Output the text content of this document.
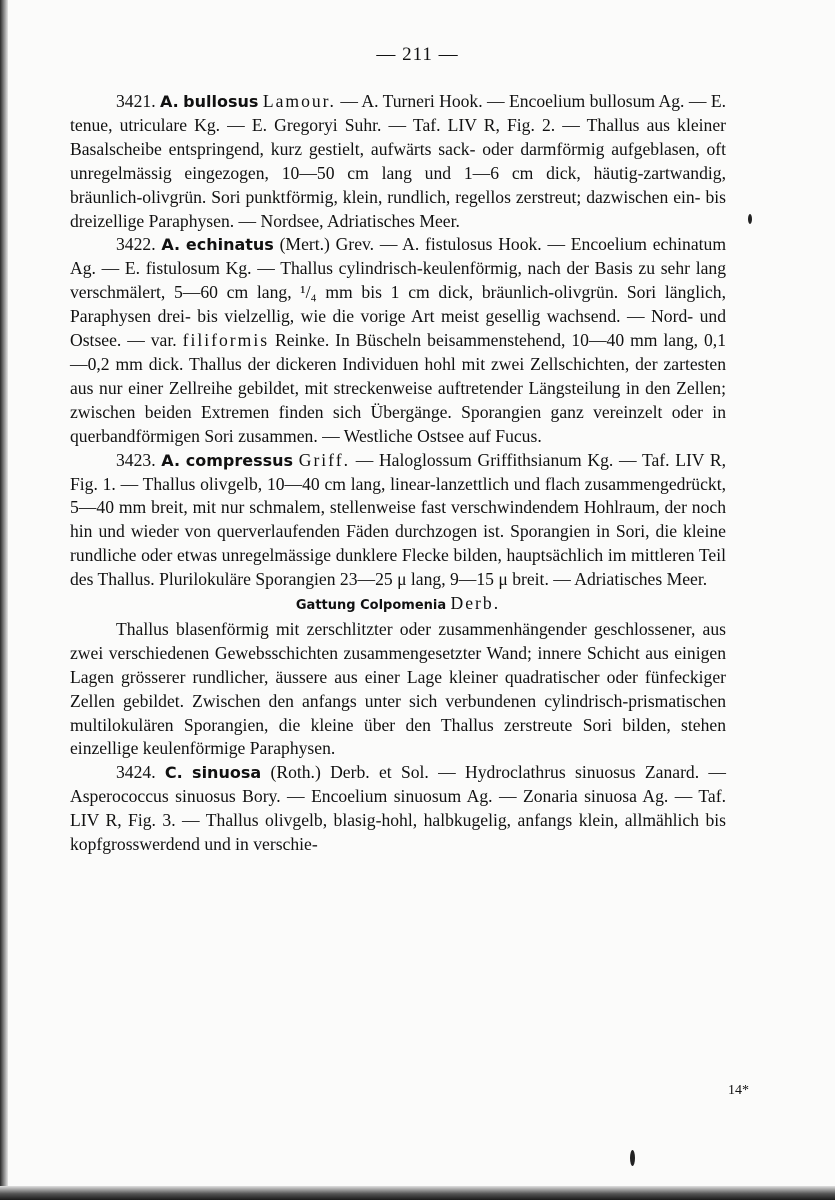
— 211 —

3421. A. bullosus Lamour. — A. Turneri Hook. — Encoelium bullosum Ag. — E. tenue, utriculare Kg. — E. Gregoryi Suhr. — Taf. LIV R, Fig. 2. — Thallus aus kleiner Basalscheibe entspringend, kurz gestielt, aufwärts sack- oder darmförmig aufgeblasen, oft unregelmässig eingezogen, 10—50 cm lang und 1—6 cm dick, häutig-zartwandig, bräunlich-olivgrün. Sori punktförmig, klein, rundlich, regellos zerstreut; dazwischen ein- bis dreizellige Paraphysen. — Nordsee, Adriatisches Meer.

3422. A. echinatus (Mert.) Grev. — A. fistulosus Hook. — Encoelium echinatum Ag. — E. fistulosum Kg. — Thallus cylindrisch-keulenförmig, nach der Basis zu sehr lang verschmälert, 5—60 cm lang, ¹/₄ mm bis 1 cm dick, bräunlich-olivgrün. Sori länglich, Paraphysen drei- bis vielzellig, wie die vorige Art meist gesellig wachsend. — Nord- und Ostsee. — var. filiformis Reinke. In Büscheln beisammenstehend, 10—40 mm lang, 0,1—0,2 mm dick. Thallus der dickeren Individuen hohl mit zwei Zellschichten, der zartesten aus nur einer Zellreihe gebildet, mit streckenweise auftretender Längsteilung in den Zellen; zwischen beiden Extremen finden sich Übergänge. Sporangien ganz vereinzelt oder in querbandförmigen Sori zusammen. — Westliche Ostsee auf Fucus.

3423. A. compressus Griff. — Haloglossum Griffithsianum Kg. — Taf. LIV R, Fig. 1. — Thallus olivgelb, 10—40 cm lang, linear-lanzettlich und flach zusammengedrückt, 5—40 mm breit, mit nur schmalem, stellenweise fast verschwindendem Hohlraum, der noch hin und wieder von querverlaufenden Fäden durchzogen ist. Sporangien in Sori, die kleine rundliche oder etwas unregelmässige dunklere Flecke bilden, hauptsächlich im mittleren Teil des Thallus. Plurilokuläre Sporangien 23—25 μ lang, 9—15 μ breit. — Adriatisches Meer.

Gattung Colpomenia Derb.

Thallus blasenförmig mit zerschlitzter oder zusammenhängender geschlossener, aus zwei verschiedenen Gewebsschichten zusammengesetzter Wand; innere Schicht aus einigen Lagen grösserer rundlicher, äussere aus einer Lage kleiner quadratischer oder fünfeckiger Zellen gebildet. Zwischen den anfangs unter sich verbundenen cylindrisch-prismatischen multilokulären Sporangien, die kleine über den Thallus zerstreute Sori bilden, stehen einzellige keulenförmige Paraphysen.

3424. C. sinuosa (Roth.) Derb. et Sol. — Hydroclathrus sinuosus Zanard. — Asperococcus sinuosus Bory. — Encoelium sinuosum Ag. — Zonaria sinuosa Ag. — Taf. LIV R, Fig. 3. — Thallus olivgelb, blasig-hohl, halbkugelig, anfangs klein, allmählich bis kopfgrosswerdend und in verschie-

14*
